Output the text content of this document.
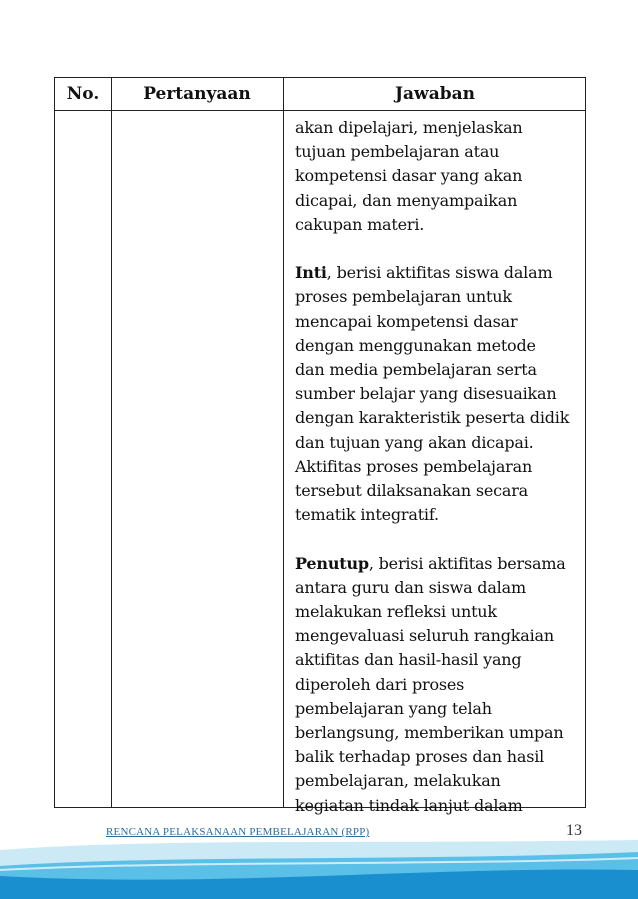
No.	Pertanyaan	Jawaban

akan dipelajari, menjelaskan

tujuan pembelajaran atau

kompetensi dasar yang akan

dicapai, dan menyampaikan

cakupan materi.

Inti, berisi aktifitas siswa dalam

proses pembelajaran untuk

mencapai kompetensi dasar

dengan menggunakan metode

dan media pembelajaran serta

sumber belajar yang disesuaikan

dengan karakteristik peserta didik

dan tujuan yang akan dicapai.

Aktifitas proses pembelajaran

tersebut dilaksanakan secara

tematik integratif.

Penutup, berisi aktifitas bersama

antara guru dan siswa dalam

melakukan refleksi untuk

mengevaluasi seluruh rangkaian

aktifitas dan hasil-hasil yang

diperoleh dari proses

pembelajaran yang telah

berlangsung, memberikan umpan

balik terhadap proses dan hasil

pembelajaran, melakukan

kegiatan tindak lanjut dalam

RENCANA PELAKSANAAN PEMBELAJARAN (RPP)	13
